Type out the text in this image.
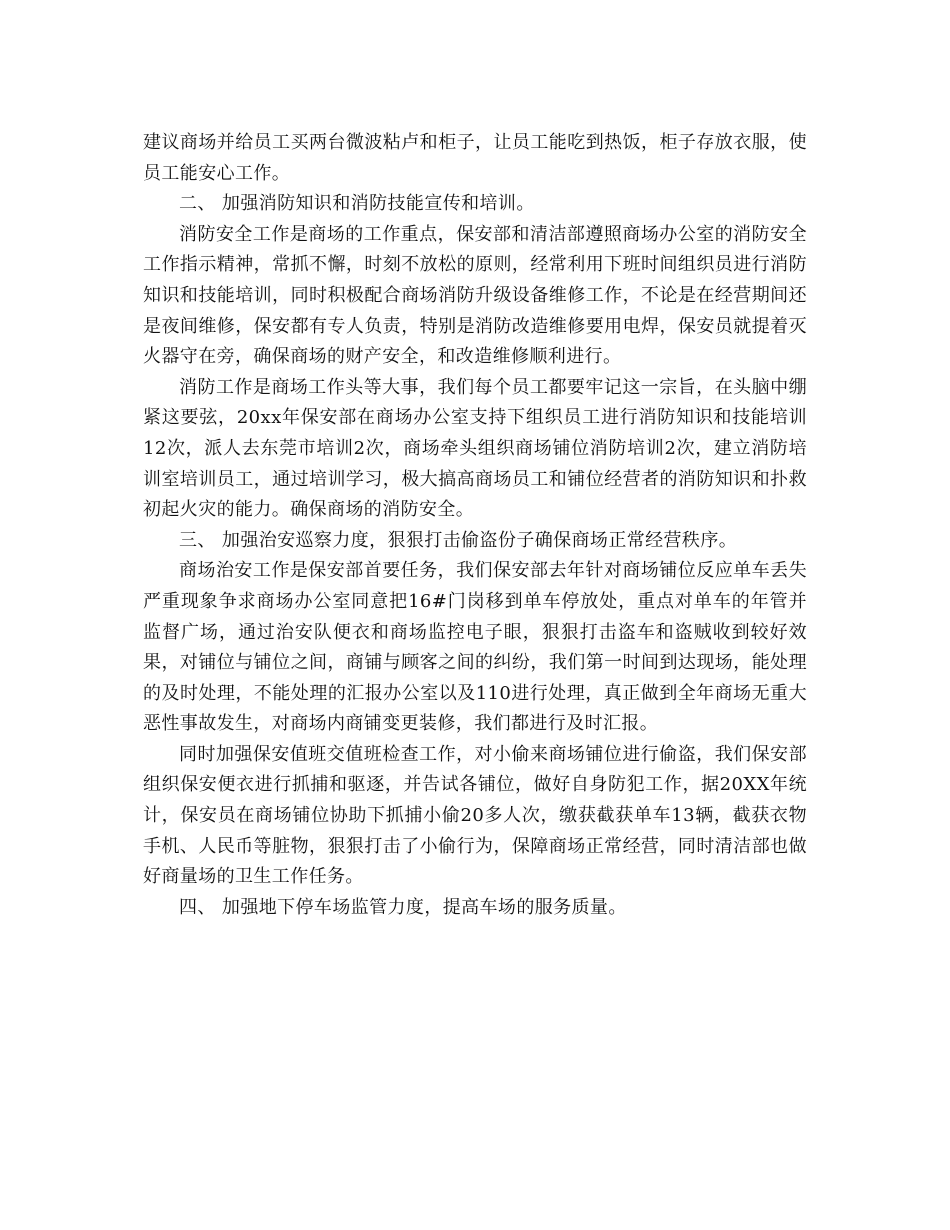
建议商场并给员工买两台微波粘卢和柜子，让员工能吃到热饭，柜子存放衣服，使员工能安心工作。

二、 加强消防知识和消防技能宣传和培训。

消防安全工作是商场的工作重点，保安部和清洁部遵照商场办公室的消防安全工作指示精神，常抓不懈，时刻不放松的原则，经常利用下班时间组织员进行消防知识和技能培训，同时积极配合商场消防升级设备维修工作，不论是在经营期间还是夜间维修，保安都有专人负责，特别是消防改造维修要用电焊，保安员就提着灭火器守在旁，确保商场的财产安全，和改造维修顺利进行。

消防工作是商场工作头等大事，我们每个员工都要牢记这一宗旨，在头脑中绷紧这要弦，20xx年保安部在商场办公室支持下组织员工进行消防知识和技能培训12次，派人去东莞市培训2次，商场牵头组织商场铺位消防培训2次，建立消防培训室培训员工，通过培训学习，极大搞高商场员工和铺位经营者的消防知识和扑救初起火灾的能力。确保商场的消防安全。

三、 加强治安巡察力度，狠狠打击偷盗份子确保商场正常经营秩序。

商场治安工作是保安部首要任务，我们保安部去年针对商场铺位反应单车丢失严重现象争求商场办公室同意把16#门岗移到单车停放处，重点对单车的年管并监督广场，通过治安队便衣和商场监控电子眼，狠狠打击盗车和盗贼收到较好效果，对铺位与铺位之间，商铺与顾客之间的纠纷，我们第一时间到达现场，能处理的及时处理，不能处理的汇报办公室以及110进行处理，真正做到全年商场无重大恶性事故发生，对商场内商铺变更装修，我们都进行及时汇报。

同时加强保安值班交值班检查工作，对小偷来商场铺位进行偷盗，我们保安部组织保安便衣进行抓捕和驱逐，并告试各铺位，做好自身防犯工作，据20XX年统计，保安员在商场铺位协助下抓捕小偷20多人次，缴获截获单车13辆，截获衣物手机、人民币等脏物，狠狠打击了小偷行为，保障商场正常经营，同时清洁部也做好商量场的卫生工作任务。

四、 加强地下停车场监管力度，提高车场的服务质量。
